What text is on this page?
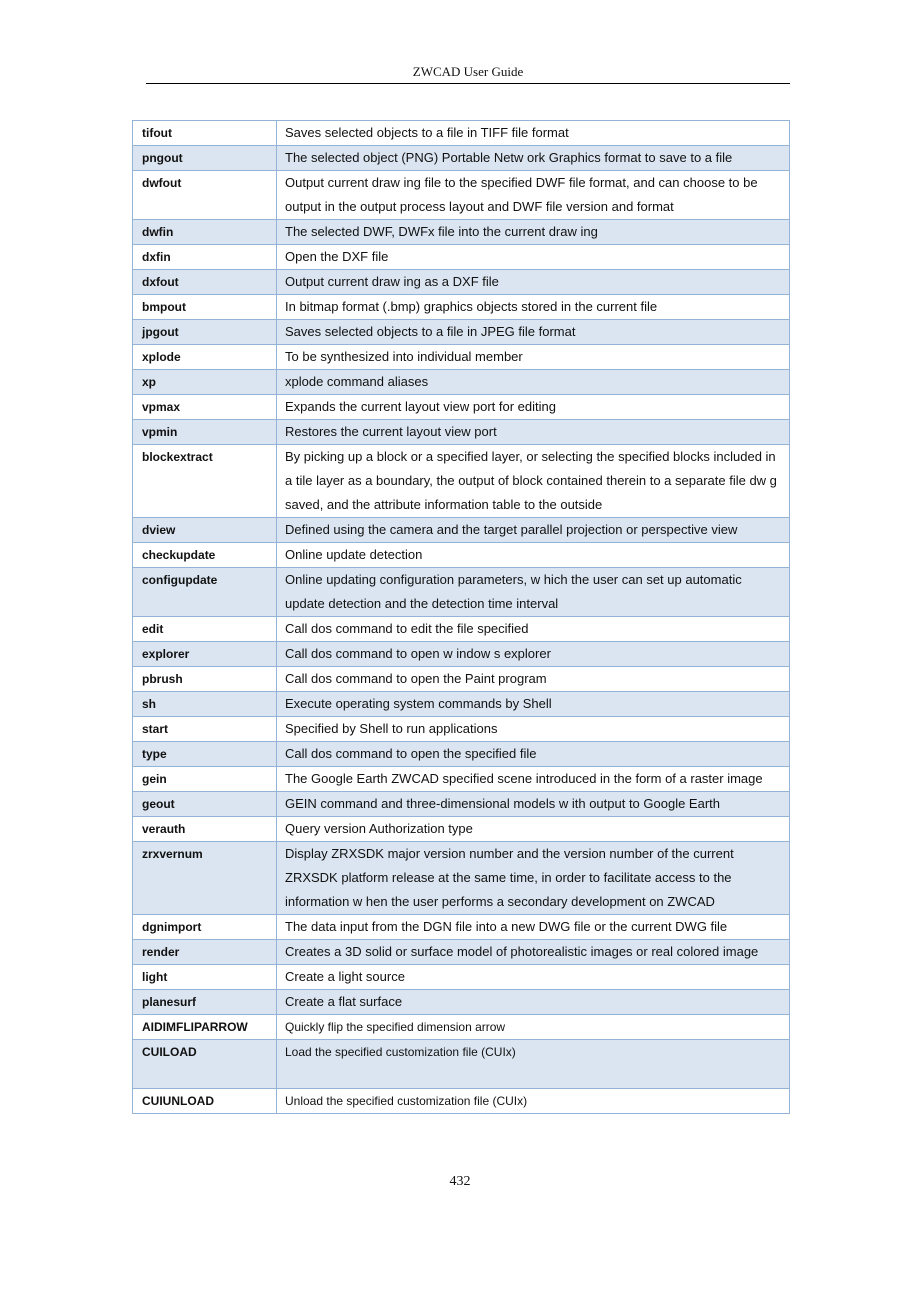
ZWCAD User Guide
tifout	Saves selected objects to a file in TIFF file format
pngout	The selected object (PNG) Portable Netw ork Graphics format to save to a file
dwfout	Output current draw ing file to the specified DWF file format, and can choose to be output in the output process layout and DWF file version and format
dwfin	The selected DWF, DWFx file into the current draw ing
dxfin	Open the DXF file
dxfout	Output current draw ing as a DXF file
bmpout	In bitmap format (.bmp) graphics objects stored in the current file
jpgout	Saves selected objects to a file in JPEG file format
xplode	To be synthesized into individual member
xp	xplode command aliases
vpmax	Expands the current layout view port for editing
vpmin	Restores the current layout view port
blockextract	By picking up a block or a specified layer, or selecting the specified blocks included in a tile layer as a boundary, the output of block contained therein to a separate file dw g saved, and the attribute information table to the outside
dview	Defined using the camera and the target parallel projection or perspective view
checkupdate	Online update detection
configupdate	Online updating configuration parameters, w hich the user can set up automatic update detection and the detection time interval
edit	Call dos command to edit the file specified
explorer	Call dos command to open w indow s explorer
pbrush	Call dos command to open the Paint program
sh	Execute operating system commands by Shell
start	Specified by Shell to run applications
type	Call dos command to open the specified file
gein	The Google Earth ZWCAD specified scene introduced in the form of a raster image
geout	GEIN command and three-dimensional models w ith output to Google Earth
verauth	Query version Authorization type
zrxvernum	Display ZRXSDK major version number and the version number of the current ZRXSDK platform release at the same time, in order to facilitate access to the information w hen the user performs a secondary development on ZWCAD
dgnimport	The data input from the DGN file into a new DWG file or the current DWG file
render	Creates a 3D solid or surface model of photorealistic images or real colored image
light	Create a light source
planesurf	Create a flat surface
AIDIMFLIPARROW	Quickly flip the specified dimension arrow
CUILOAD	Load the specified customization file (CUIx)
CUIUNLOAD	Unload the specified customization file (CUIx)
432
